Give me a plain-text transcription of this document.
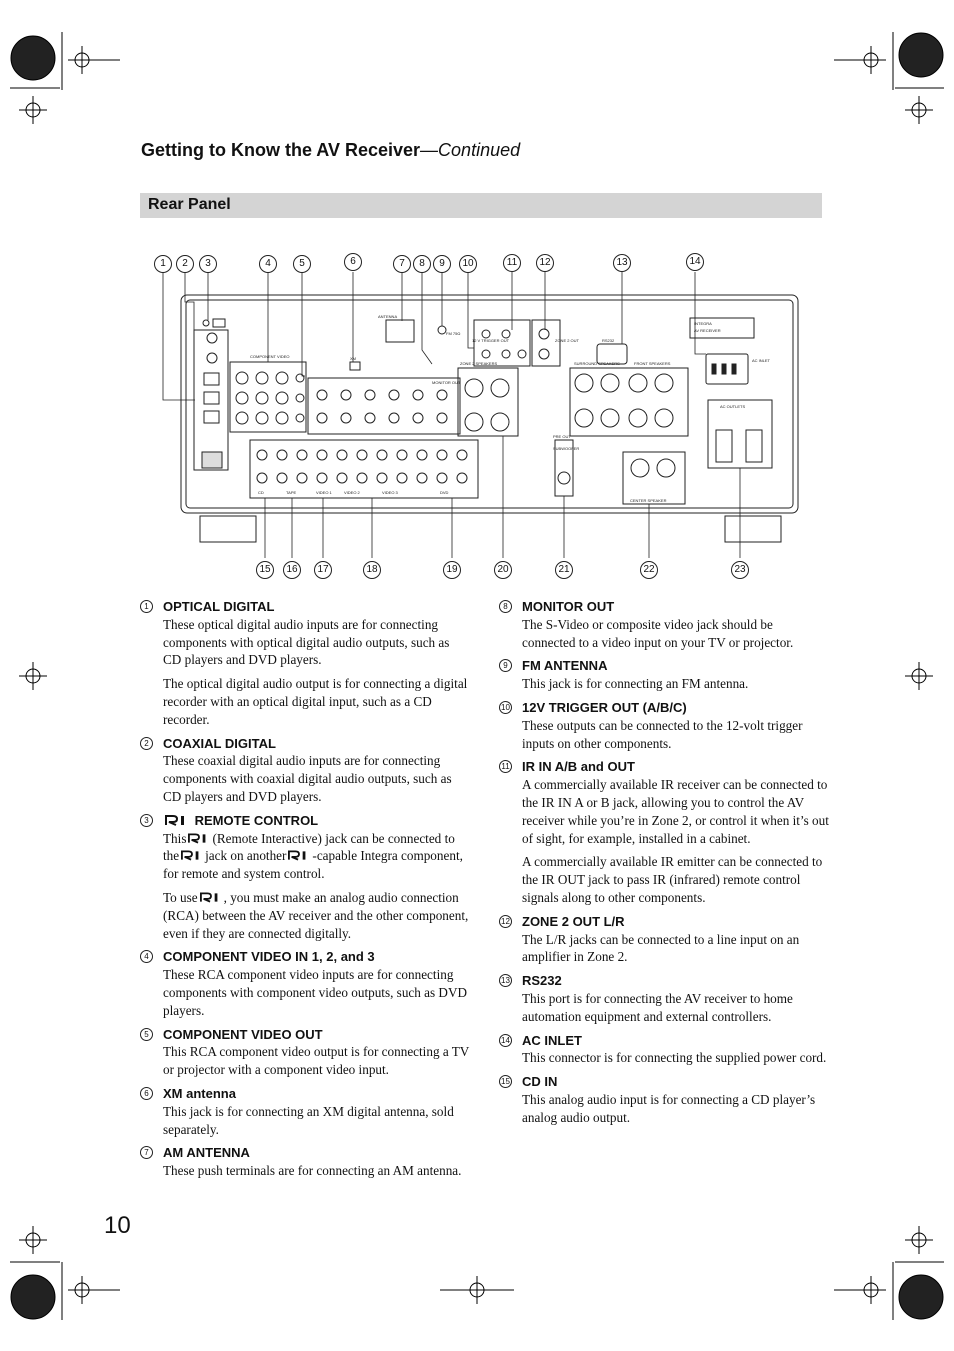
Getting to Know the AV Receiver—Continued
Rear Panel
ANTENNA
FM 75Ω
12 V TRIGGER OUT	ZONE 2 OUT	RS232
AC INLET
AC OUTLETS
FRONT SPEAKERS
SURROUND SPEAKERS
ZONE 2 SPEAKERS
CENTER SPEAKER
COMPONENT VIDEO
PRE OUT
SUBWOOFER
XM
CD	TAPE	VIDEO 1	VIDEO 2	VIDEO 3	DVD
MONITOR OUT
INTEGRA
AV RECEIVER
1	2	3	4	5	6	7	8	9	10	11	12	13	14
15	16	17	18	19	20	21	22	23
1	OPTICAL DIGITAL

These optical digital audio inputs are for connecting components with optical digital audio outputs, such as CD players and DVD players.

The optical digital audio output is for connecting a digital recorder with an optical digital input, such as a CD recorder.

2	COAXIAL DIGITAL

These coaxial digital audio inputs are for connecting components with coaxial digital audio outputs, such as CD players and DVD players.

3	REMOTE CONTROL

This (Remote Interactive) jack can be connected to the jack on another -capable Integra component, for remote and system control.

To use , you must make an analog audio connection (RCA) between the AV receiver and the other component, even if they are connected digitally.

4	COMPONENT VIDEO IN 1, 2, and 3

These RCA component video inputs are for connecting components with component video outputs, such as DVD players.

5	COMPONENT VIDEO OUT

This RCA component video output is for connecting a TV or projector with a component video input.

6	XM antenna

This jack is for connecting an XM digital antenna, sold separately.

7	AM ANTENNA

These push terminals are for connecting an AM antenna.

8	MONITOR OUT

The S-Video or composite video jack should be connected to a video input on your TV or projector.

9	FM ANTENNA

This jack is for connecting an FM antenna.

10 12V TRIGGER OUT (A/B/C)

These outputs can be connected to the 12-volt trigger inputs on other components.

11 IR IN A/B and OUT

A commercially available IR receiver can be connected to the IR IN A or B jack, allowing you to control the AV receiver while you’re in Zone 2, or control it when it’s out of sight, for example, installed in a cabinet.

A commercially available IR emitter can be connected to the IR OUT jack to pass IR (infrared) remote control signals along to other components.

12 ZONE 2 OUT L/R

The L/R jacks can be connected to a line input on an amplifier in Zone 2.

13 RS232

This port is for connecting the AV receiver to home automation equipment and external controllers.

14 AC INLET

This connector is for connecting the supplied power cord.

15 CD IN

This analog audio input is for connecting a CD player’s analog audio output.

10
